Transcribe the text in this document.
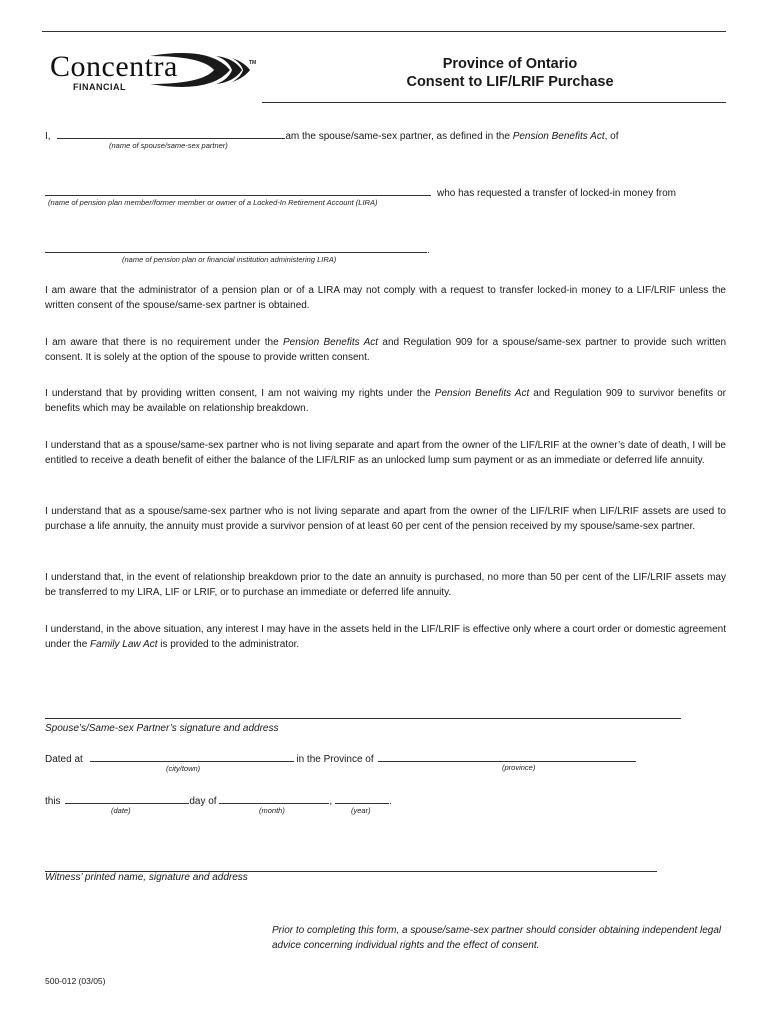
Concentra
FINANCIAL
TM	Province of Ontario
Consent to LIF/LRIF Purchase
I,	am the spouse/same-sex partner, as defined in the Pension Benefits Act, of
(name of spouse/same-sex partner)
who has requested a transfer of locked-in money from
(name of pension plan member/former member or owner of a Locked-In Retirement Account (LIRA)
.
(name of pension plan or financial institution administering LIRA)
I am aware that the administrator of a pension plan or of a LIRA may not comply with a request to transfer locked-in money to a LIF/LRIF unless the written consent of the spouse/same-sex partner is obtained.
I am aware that there is no requirement under the Pension Benefits Act and Regulation 909 for a spouse/same-sex partner to provide such written consent. It is solely at the option of the spouse to provide written consent.
I understand that by providing written consent, I am not waiving my rights under the Pension Benefits Act and Regulation 909 to survivor benefits or benefits which may be available on relationship breakdown.
I understand that as a spouse/same-sex partner who is not living separate and apart from the owner of the LIF/LRIF at the owner’s date of death, I will be entitled to receive a death benefit of either the balance of the LIF/LRIF as an unlocked lump sum payment or as an immediate or deferred life annuity.
I understand that as a spouse/same-sex partner who is not living separate and apart from the owner of the LIF/LRIF when LIF/LRIF assets are used to purchase a life annuity, the annuity must provide a survivor pension of at least 60 per cent of the pension received by my spouse/same-sex partner.
I understand that, in the event of relationship breakdown prior to the date an annuity is purchased, no more than 50 per cent of the LIF/LRIF assets may be transferred to my LIRA, LIF or LRIF, or to purchase an immediate or deferred life annuity.
I understand, in the above situation, any interest I may have in the assets held in the LIF/LRIF is effective only where a court order or domestic agreement under the Family Law Act is provided to the administrator.
Spouse’s/Same-sex Partner’s signature and address
Dated at	in the Province of
(city/town)	(province)
this	day of	,	.
(date)	(month)	(year)
Witness’ printed name, signature and address
Prior to completing this form, a spouse/same-sex partner should consider obtaining independent legal advice concerning individual rights and the effect of consent.
500-012 (03/05)
